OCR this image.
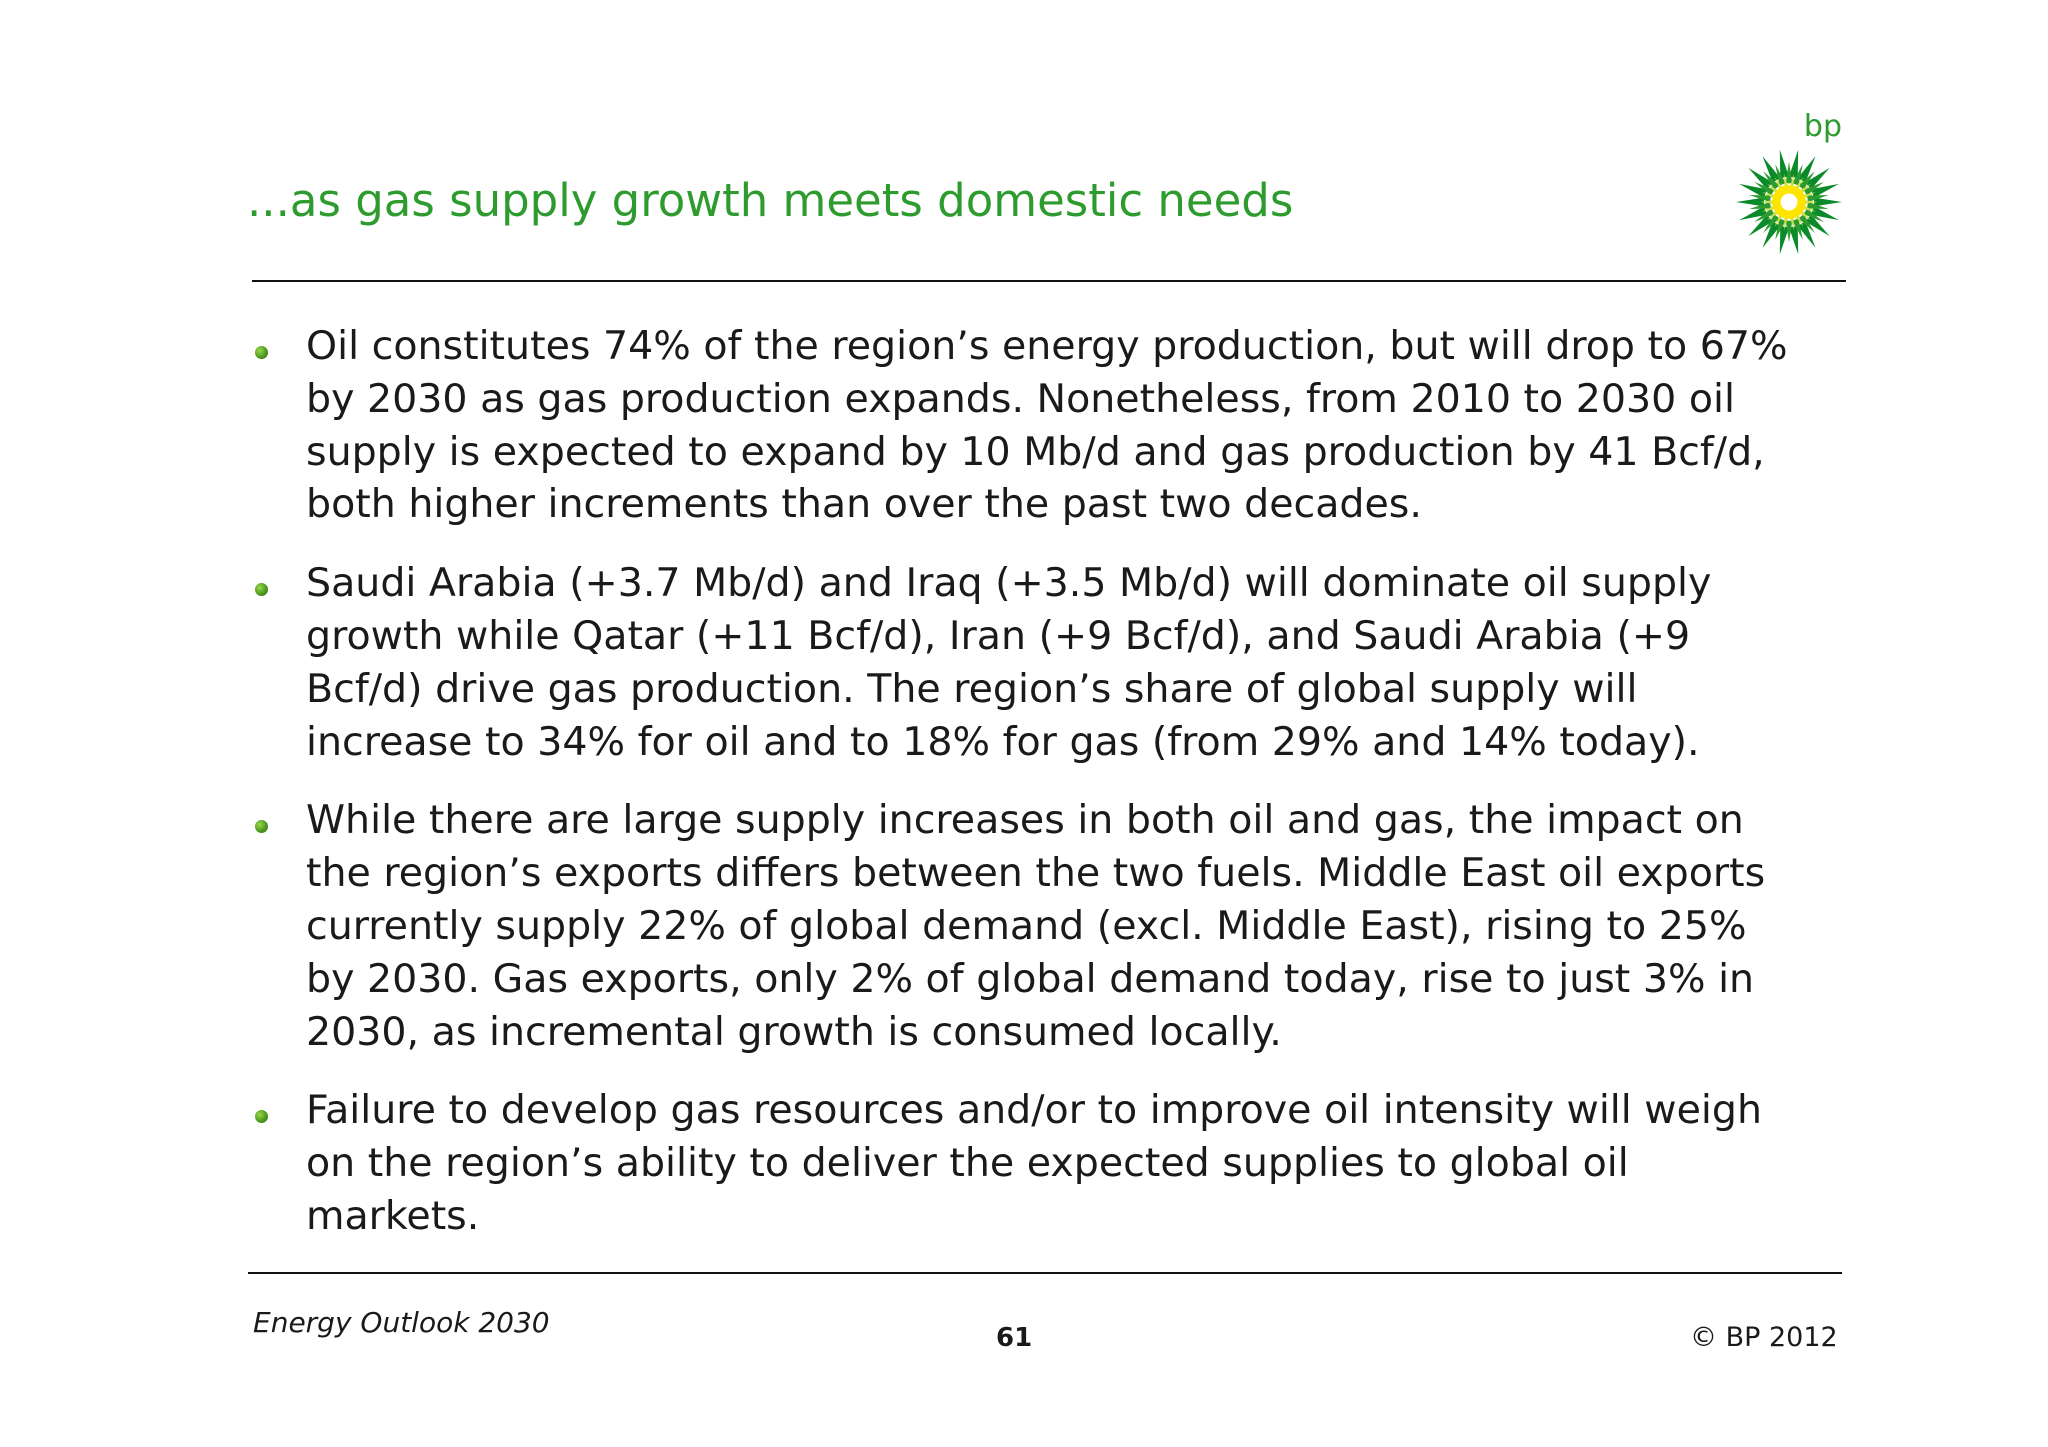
...as gas supply growth meets domestic needs
bp
Oil constitutes 74% of the region’s energy production, but will drop to 67% by 2030 as gas production expands. Nonetheless, from 2010 to 2030 oil supply is expected to expand by 10 Mb/d and gas production by 41 Bcf/d, both higher increments than over the past two decades.
Saudi Arabia (+3.7 Mb/d) and Iraq (+3.5 Mb/d) will dominate oil supply growth while Qatar (+11 Bcf/d), Iran (+9 Bcf/d), and Saudi Arabia (+9 Bcf/d) drive gas production. The region’s share of global supply will increase to 34% for oil and to 18% for gas (from 29% and 14% today).
While there are large supply increases in both oil and gas, the impact on the region’s exports differs between the two fuels. Middle East oil exports currently supply 22% of global demand (excl. Middle East), rising to 25% by 2030. Gas exports, only 2% of global demand today, rise to just 3% in 2030, as incremental growth is consumed locally.
Failure to develop gas resources and/or to improve oil intensity will weigh on the region’s ability to deliver the expected supplies to global oil markets.
Energy Outlook 2030	61	© BP 2012
